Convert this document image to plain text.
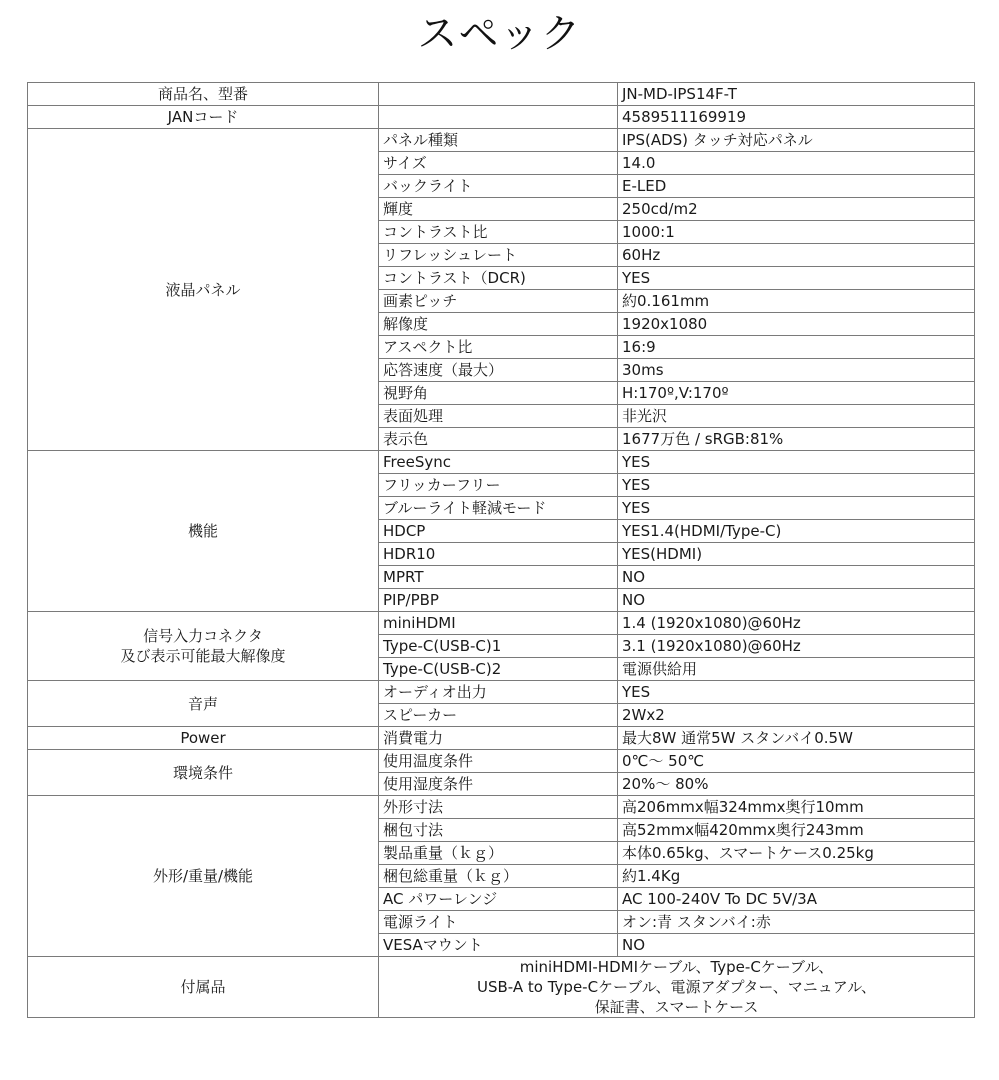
スペック
商品名、型番		JN-MD-IPS14F-T
JANコード		4589511169919
液晶パネル	パネル種類	IPS(ADS) タッチ対応パネル
	サイズ	14.0
	バックライト	E-LED
	輝度	250cd/m2
	コントラスト比	1000:1
	リフレッシュレート	60Hz
	コントラスト（DCR)	YES
	画素ピッチ	約0.161mm
	解像度	1920x1080
	アスペクト比	16:9
	応答速度（最大）	30ms
	視野角	H:170º,V:170º
	表面処理	非光沢
	表示色	1677万色 / sRGB:81%
機能	FreeSync	YES
	フリッカーフリー	YES
	ブルーライト軽減モード	YES
	HDCP	YES1.4(HDMI/Type-C)
	HDR10	YES(HDMI)
	MPRT	NO
	PIP/PBP	NO

信号入力コネクタ
及び表示可能最大解像度	miniHDMI	1.4 (1920x1080)@60Hz
	Type-C(USB-C)1	3.1 (1920x1080)@60Hz
	Type-C(USB-C)2	電源供給用
音声	オーディオ出力	YES
	スピーカー	2Wx2
Power	消費電力	最大8W 通常5W スタンバイ0.5W
環境条件	使用温度条件	0℃～ 50℃
	使用湿度条件	20%～ 80%
外形/重量/機能	外形寸法	高206mmx幅324mmx奥行10mm
	梱包寸法	高52mmx幅420mmx奥行243mm
	製品重量（ｋｇ）	本体0.65kg、スマートケース0.25kg
	梱包総重量（ｋｇ）	約1.4Kg
	AC パワーレンジ	AC 100-240V To DC 5V/3A
	電源ライト	オン:青 スタンバイ:赤
	VESAマウント	NO
付属品	miniHDMI-HDMIケーブル、Type-Cケーブル、
USB-A to Type-Cケーブル、電源アダプター、マニュアル、
保証書、スマートケース	
